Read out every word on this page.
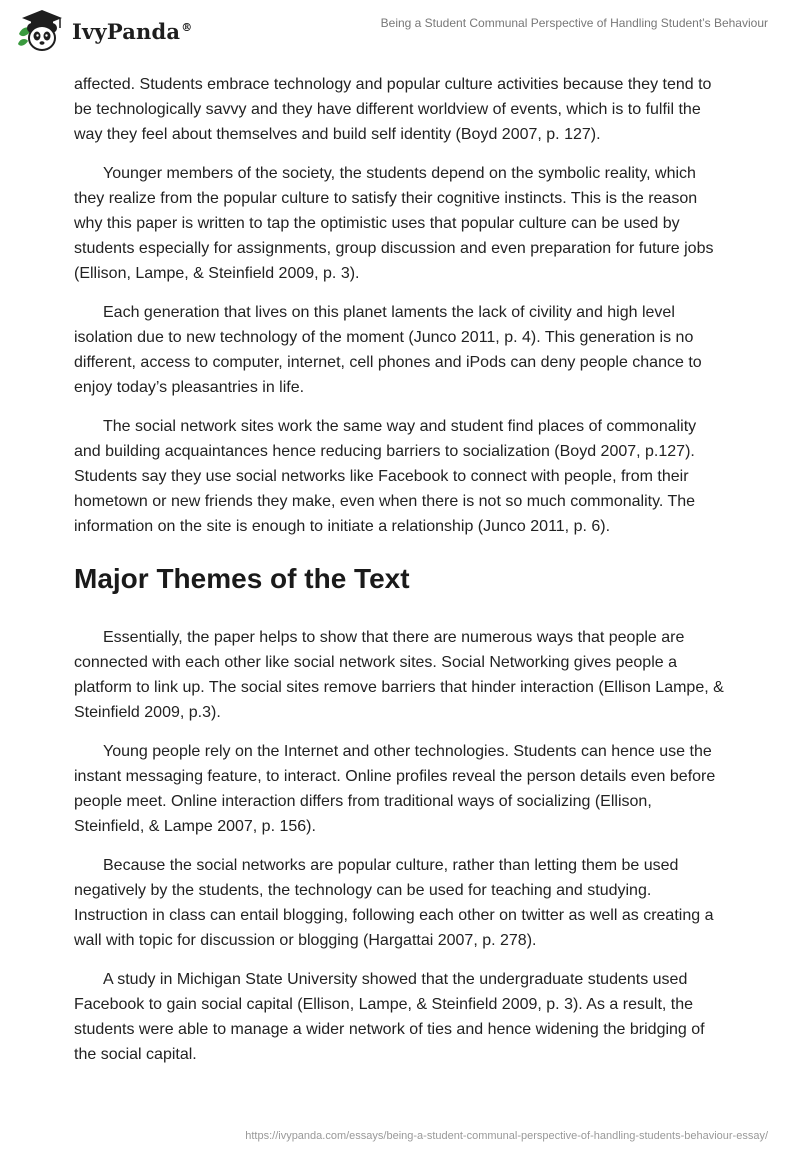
IvyPanda®	Being a Student Communal Perspective of Handling Student’s Behaviour

affected. Students embrace technology and popular culture activities because they tend to be technologically savvy and they have different worldview of events, which is to fulfil the way they feel about themselves and build self identity (Boyd 2007, p. 127).

Younger members of the society, the students depend on the symbolic reality, which they realize from the popular culture to satisfy their cognitive instincts. This is the reason why this paper is written to tap the optimistic uses that popular culture can be used by students especially for assignments, group discussion and even preparation for future jobs (Ellison, Lampe, & Steinfield 2009, p. 3).

Each generation that lives on this planet laments the lack of civility and high level isolation due to new technology of the moment (Junco 2011, p. 4). This generation is no different, access to computer, internet, cell phones and iPods can deny people chance to enjoy today’s pleasantries in life.

The social network sites work the same way and student find places of commonality and building acquaintances hence reducing barriers to socialization (Boyd 2007, p.127). Students say they use social networks like Facebook to connect with people, from their hometown or new friends they make, even when there is not so much commonality. The information on the site is enough to initiate a relationship (Junco 2011, p. 6).

Major Themes of the Text

Essentially, the paper helps to show that there are numerous ways that people are connected with each other like social network sites. Social Networking gives people a platform to link up. The social sites remove barriers that hinder interaction (Ellison Lampe, & Steinfield 2009, p.3).

Young people rely on the Internet and other technologies. Students can hence use the instant messaging feature, to interact. Online profiles reveal the person details even before people meet. Online interaction differs from traditional ways of socializing (Ellison, Steinfield, & Lampe 2007, p. 156).

Because the social networks are popular culture, rather than letting them be used negatively by the students, the technology can be used for teaching and studying. Instruction in class can entail blogging, following each other on twitter as well as creating a wall with topic for discussion or blogging (Hargattai 2007, p. 278).

A study in Michigan State University showed that the undergraduate students used Facebook to gain social capital (Ellison, Lampe, & Steinfield 2009, p. 3). As a result, the students were able to manage a wider network of ties and hence widening the bridging of the social capital.

https://ivypanda.com/essays/being-a-student-communal-perspective-of-handling-students-behaviour-essay/
